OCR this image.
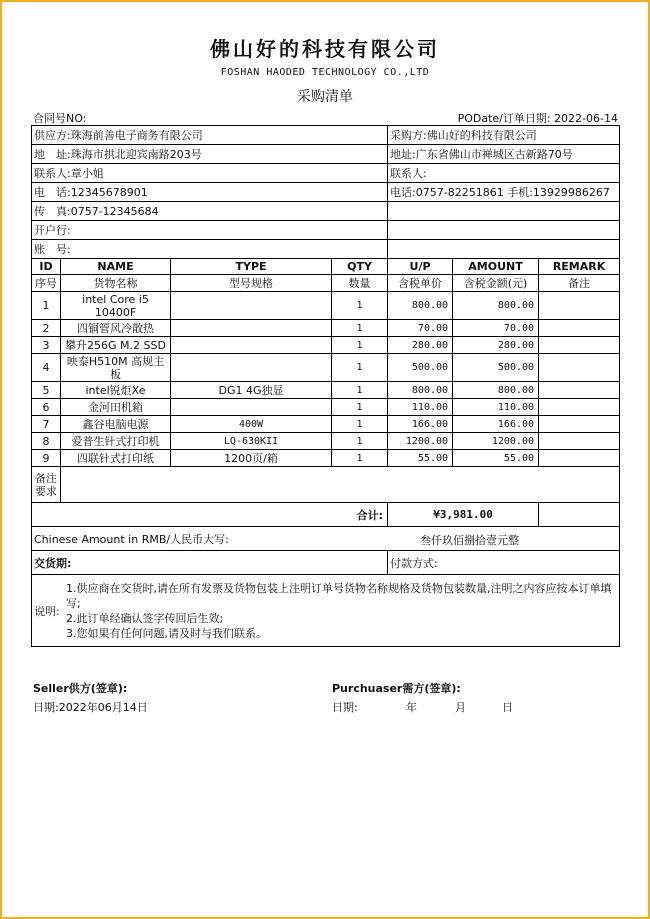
佛山好的科技有限公司
FOSHAN HAODED TECHNOLOGY CO.,LTD
采购清单
合同号NO:	PODate/订单日期: 2022-06-14
供应方:珠海前善电子商务有限公司				采购方:佛山好的科技有限公司		
地　址:珠海市拱北迎宾南路203号				地址:广东省佛山市禅城区古新路70号		
联系人:章小姐				联系人:		
电　话:12345678901				电话:0757-82251861 手机:13929986267		
传　真:0757-12345684						
开户行:						
账　号:						
ID	NAME	TYPE	QTY	U/P	AMOUNT	REMARK
序号	货物名称	型号规格	数量	含税单价	含税金额(元)	备注
1	intel Core i5 10400F		1	800.00	800.00	
2	四铜管风冷散热		1	70.00	70.00	
3	攀升256G M.2 SSD		1	280.00	280.00	
4	映泰H510M 高规主板		1	500.00	500.00	
5	intel锐炬Xe	DG1 4G独显	1	800.00	800.00	
6	金河田机箱		1	110.00	110.00	
7	鑫谷电脑电源	400W	1	166.00	166.00	
8	爱普生针式打印机	LQ-630KII	1	1200.00	1200.00	
9	四联针式打印纸	1200页/箱	1	55.00	55.00	
备注要求						
合计:				¥3,981.00		
Chinese Amount in RMB/人民币大写: 叁仟玖佰捌拾壹元整						

交货期:				付款方式:		

说明:
1.供应商在交货时,请在所有发票及货物包装上注明订单号货物名称规格及货物包装数量,注明之内容应按本订单填写;
2.此订单经确认签字传回后生效;
3.您如果有任何问题,请及时与我们联系。						
Seller供方(签章):
日期:2022年06月14日
Purchuaser需方(签章):
日期:	年	月	日
